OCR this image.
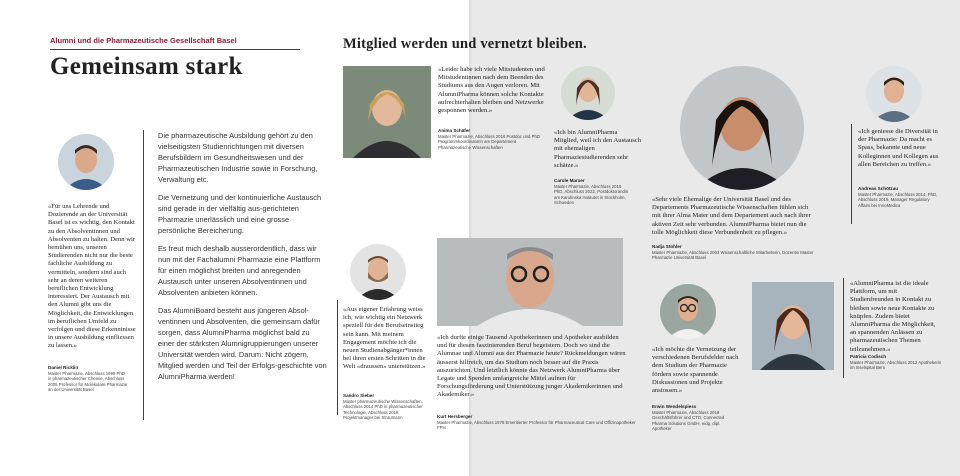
Alumni und die Pharmazeutische Gesellschaft Basel
Gemeinsam stark
Mitglied werden und vernetzt bleiben.
«Für uns Lehrende und Dozierende an der Universität Basel ist es wichtig, den Kontakt zu den Absolventinnen und Absolventen zu halten. Denn wir bemühen uns, unseren Studierenden nicht nur die beste fachliche Ausbildung zu vermitteln, sondern sind auch sehr an deren weiteren beruflichen Entwicklung interessiert. Der Austausch mit den Alumni gibt uns die Möglichkeit, die Entwicklungen im beruflichen Umfeld zu verfolgen und diese Erkenntnisse in unsere Ausbildung einfliessen zu lassen.»
Daniel Ricklin
Master Pharmazie, Abschluss 1999 PhD in pharmazeutischer Chemie, Abschluss 2005 Professor für Molekulare Pharmazie an der Universität Basel

Die pharmazeutische Ausbildung gehört zu den vielseitigsten Studienrichtungen mit diversen Berufsbildern im Gesundheitswesen und der Pharmazeutischen Industrie sowie in Forschung, Verwaltung etc.

Die Vernetzung und der kontinuierliche Austausch sind gerade in der vielfältig aus-gerichteten Pharmazie unerlässlich und eine grosse persönliche Bereicherung.

Es freut mich deshalb ausserordentlich, dass wir nun mit der Fachalumni Pharmazie eine Plattform für einen möglichst breiten und anregenden Austausch unter unseren Absolventinnen und Absolventen anbieten können.

Das AlumniBoard besteht aus jüngeren Absol-ventinnen und Absolventen, die gemeinsam dafür sorgen, dass AlumniPharma möglichst bald zu einer der stärksten Alumnigruppierungen unserer Universität werden wird. Darum: Nicht zögern, Mitglied werden und Teil der Erfolgs-geschichte von AlumniPharma werden!

«Leider habe ich viele Mitstudenten und Mitstudentinnen nach dem Beenden des Studiums aus den Augen verloren. Mit AlumniPharma können solche Kontakte aufrechterhalten bleiben und Netzwerke gesponnen werden.»
Anima Schäfer
Master Pharmazie, Abschluss 2016 Postdoc und PhD Programmkoordinatorin am Departement Pharmazeutische Wissenschaften
«Ich bin AlumniPharma Mitglied, weil ich den Austausch mit ehemaligen Pharmaziestudierenden sehr schätze.»
Carole Marxer
Master Pharmazie, Abschluss 2016 PhD, Abschluss 2022, Postdoktorandin am Karolinska Institutet in Stockholm, Schweden	«Sehr viele Ehemalige der Universität Basel und des Departements Pharmazeutische Wissenschaften fühlen sich mit ihrer Alma Mater und dem Departement auch nach ihrer aktiven Zeit sehr verbunden. AlumniPharma bietet nun die tolle Möglichkeit diese Verbundenheit zu pflegen.»
Nadja Stohler
Master Pharmazie, Abschluss 2003 Wissenschaftliche Mitarbeiterin, Dozentin Master Pharmazie Universität Basel
«Ich geniesse die Diversität in der Pharmazie: Da macht es Spass, bekannte und neue Kolleginnen und Kollegen aus allen Bereichen zu treffen.»
Andreas Schötzau
Master Pharmazie, Abschluss 2014, PhD, Abschluss 2019, Manager Regulatory Affairs bei InnoMedica
«Aus eigener Erfahrung weiss ich, wie wichtig ein Netzwerk speziell für den Berufseinstieg sein kann. Mit meinem Engagement möchte ich die neuen Studienabgänger*innen bei ihren ersten Schritten in die Welt «draussen» unterstützen.»
Sandro Sieber
Master pharmazeutische Wissenschaften, Abschluss 2014 PhD in pharmazeutischer Technologie, Abschluss 2018 Projektmanager bei Straumann
«Ich durfte einige Tausend Apothekerinnen und Apotheker ausbilden und für diesen faszinierenden Beruf begeistern. Doch wo sind die Alumnae und Alumni aus der Pharmazie heute? Rückmeldungen wären äusserst hilfreich, um das Studium noch besser auf die Praxis auszurichten. Und letztlich könnte das Netzwerk AlumniPharma über Legate und Spenden umfangreiche Mittel aufnen für Forschungsförderung und Unterstützung junger Akademikerinnen und Akademiker.»
Kurt Hersberger
Master Pharmazie, Abschluss 1978 Emeritierter Professor für Pharmaceutical Care und Offizinapotheker FPH
«Ich möchte die Vernetzung der verschiedenen Berufsfelder nach dem Studium der Pharmazie fördern sowie spannende Diskussionen und Projekte anstossen.»
Erwin Wendelspiess
Master Pharmazie, Abschluss 2018 Geschäftsführer und CTO, Connected Pharma Solutions GmbH, eidg. dipl. Apotheker
«AlumniPharma ist die ideale Plattform, um mit Studienfreunden in Kontakt zu bleiben sowie neue Kontakte zu knüpfen. Zudem bietet AlumniPharma die Möglichkeit, an spannenden Anlässen zu pharmazeutischen Themen teilzunehmen.»
Patricia Codisch
Master Pharmazie, Abschluss 2012 Apothekerin im Inselspital Bern
